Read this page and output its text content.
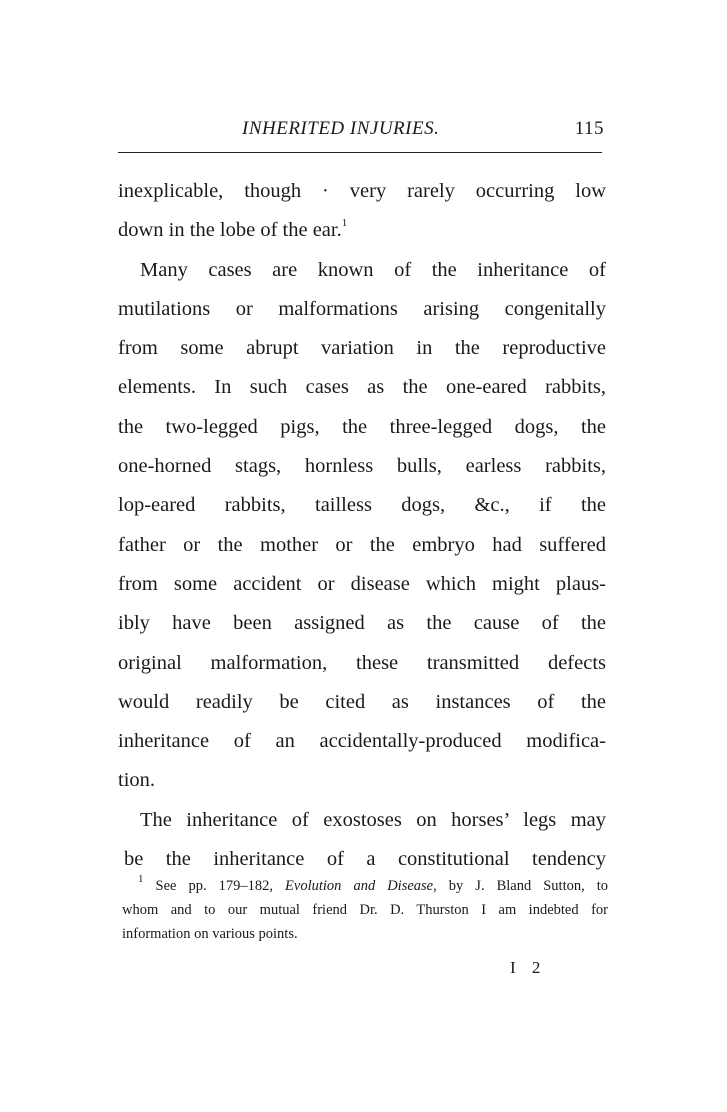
INHERITED INJURIES.	115
inexplicable, though · very rarely occurring low
down in the lobe of the ear.$^1$
Many cases are known of the inheritance of
mutilations or malformations arising congenitally
from some abrupt variation in the reproductive
elements. In such cases as the one-eared rabbits,
the two-legged pigs, the three-legged dogs, the
one-horned stags, hornless bulls, earless rabbits,
lop-eared rabbits, tailless dogs, &c., if the
father or the mother or the embryo had suffered
from some accident or disease which might plaus-
ibly have been assigned as the cause of the
original malformation, these transmitted defects
would readily be cited as instances of the
inheritance of an accidentally-produced modifica-
tion.
The inheritance of exostoses on horses’ legs may
be the inheritance of a constitutional tendency
$^1$ See pp. 179–182, Evolution and Disease, by J. Bland Sutton, to
whom and to our mutual friend Dr. D. Thurston I am indebted for
information on various points.
I 2
